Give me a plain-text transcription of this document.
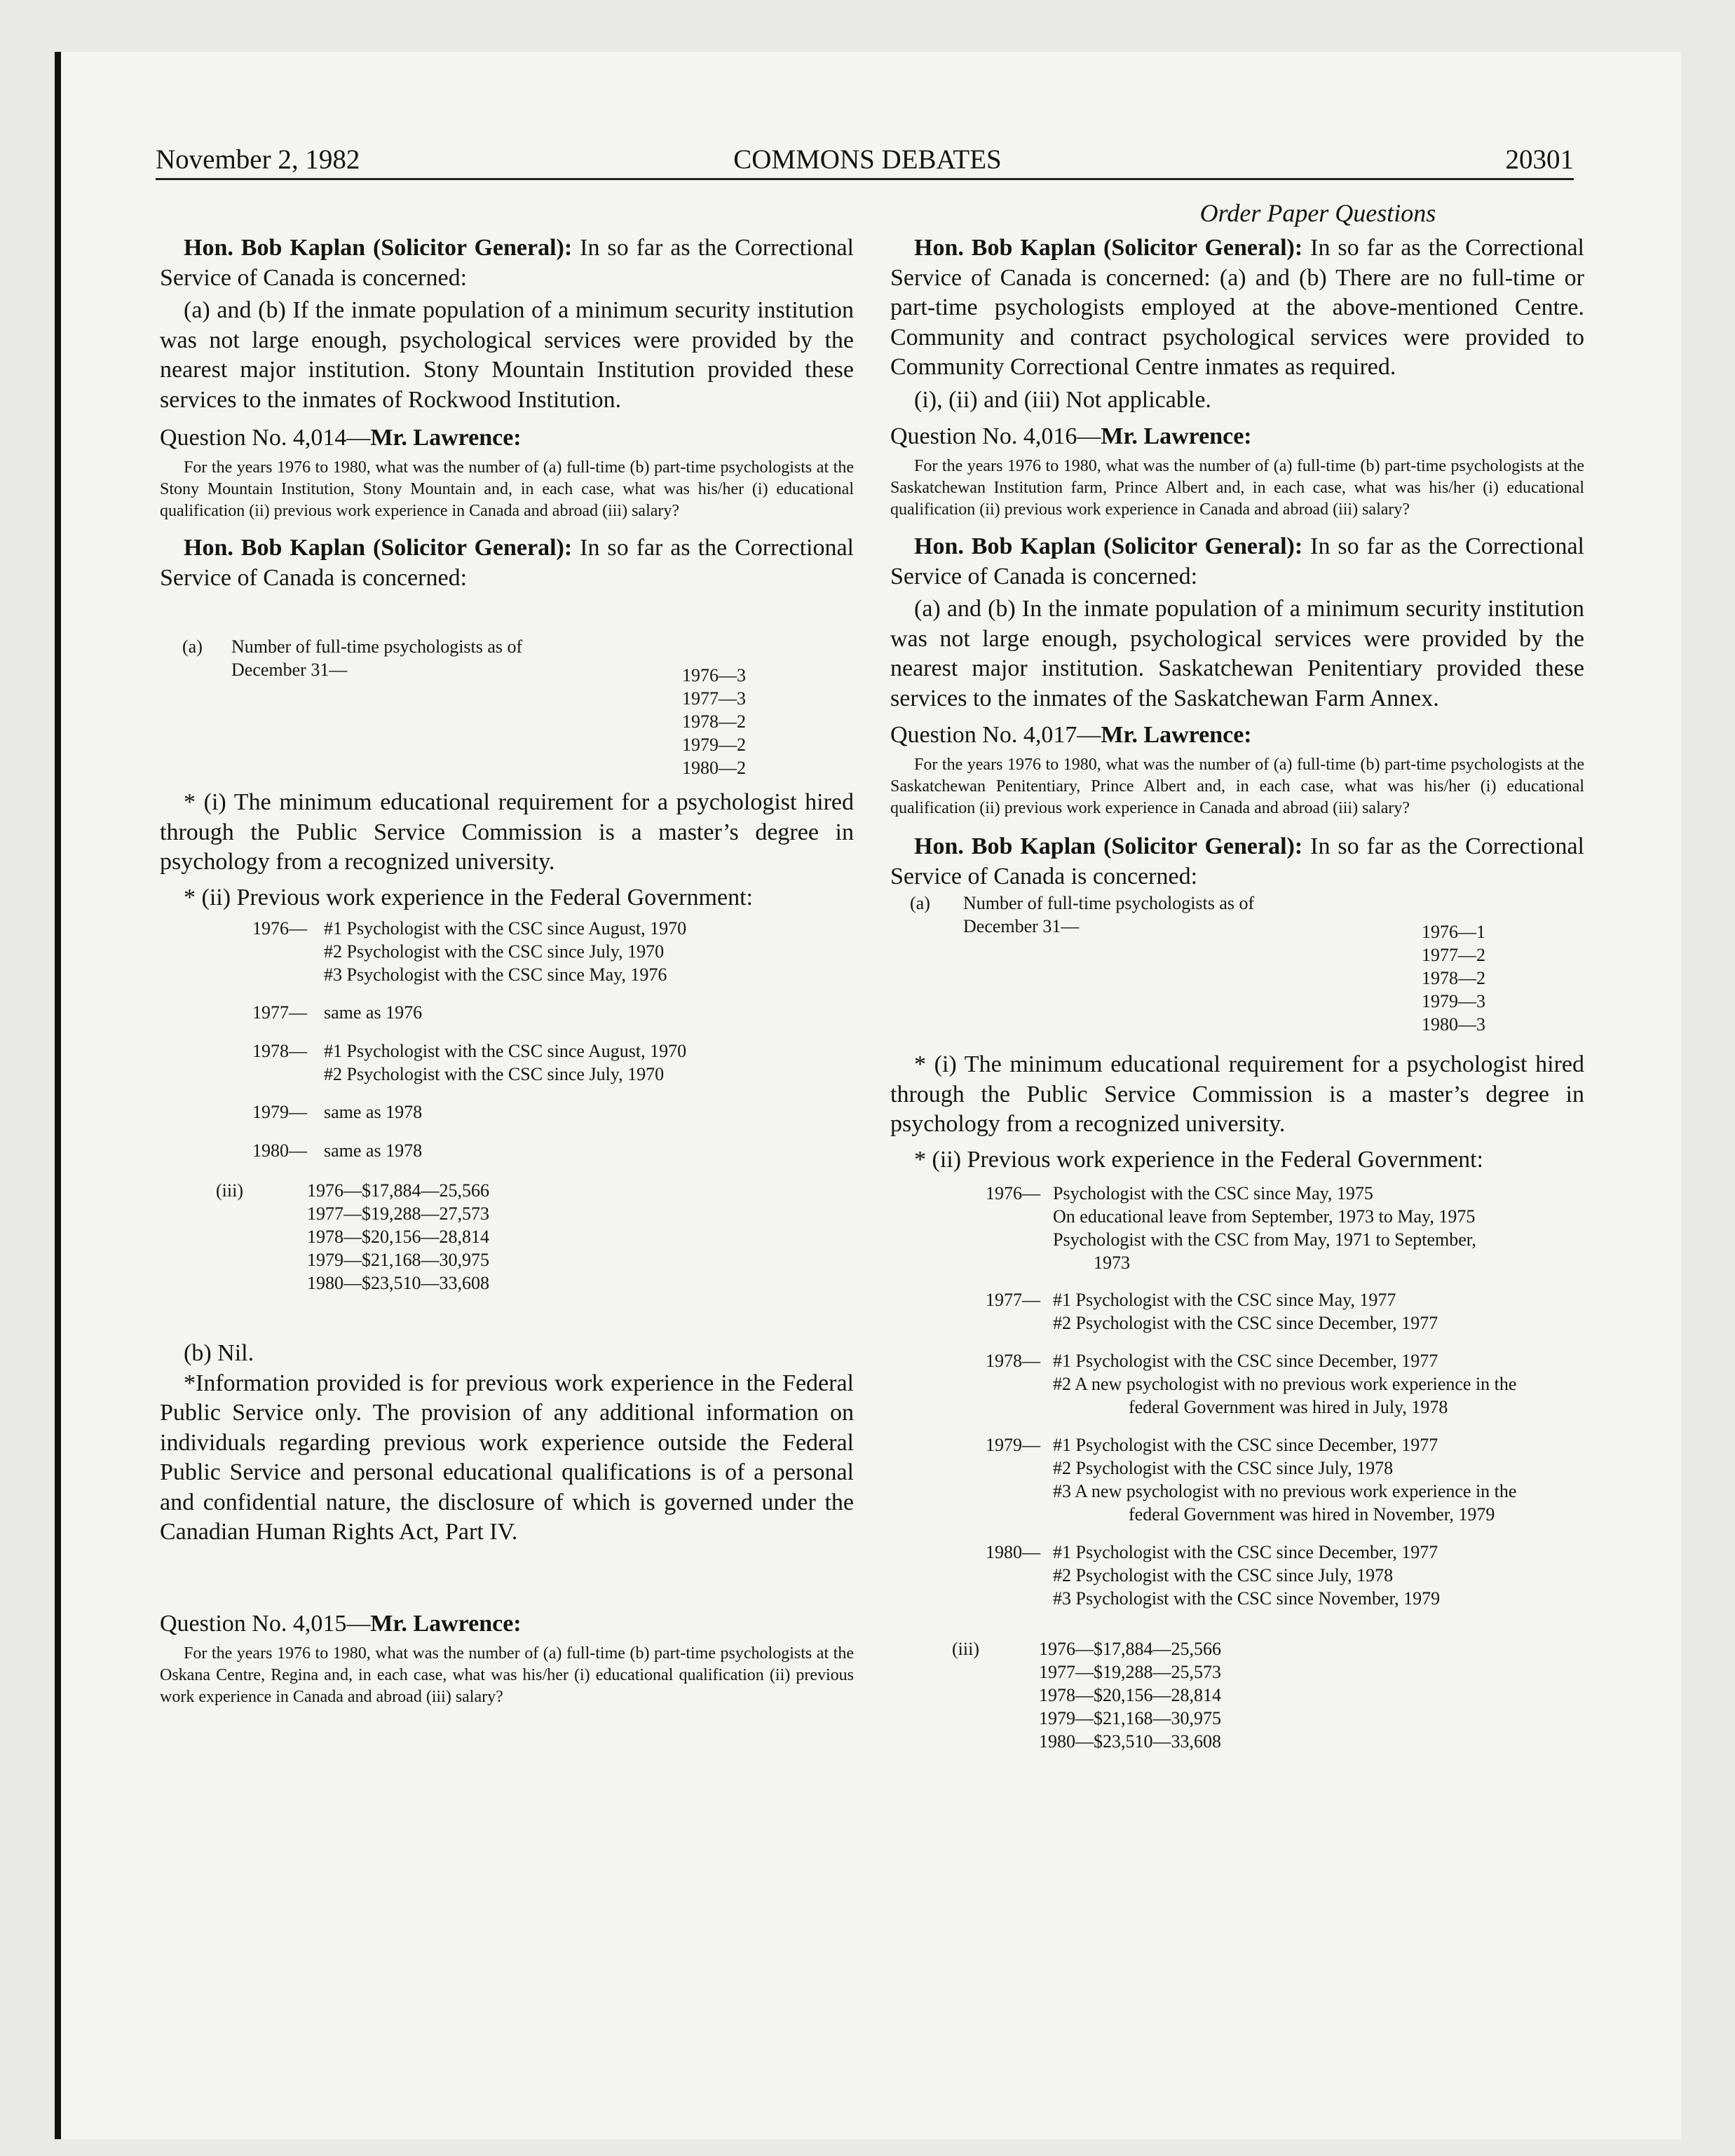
November 2, 1982	COMMONS DEBATES	20301
Order Paper Questions

Hon. Bob Kaplan (Solicitor General): In so far as the Correctional Service of Canada is concerned:

(a) and (b) If the inmate population of a minimum security institution was not large enough, psychological services were provided by the nearest major institution. Stony Mountain Institution provided these services to the inmates of Rockwood Institution.

Question No. 4,014—Mr. Lawrence:

For the years 1976 to 1980, what was the number of (a) full-time (b) part-time psychologists at the Stony Mountain Institution, Stony Mountain and, in each case, what was his/her (i) educational qualification (ii) previous work experience in Canada and abroad (iii) salary?

Hon. Bob Kaplan (Solicitor General): In so far as the Correctional Service of Canada is concerned:

(a) Number of full-time psychologists as of
December 31—	1976—3
1977—3
1978—2
1979—2
1980—2

* (i) The minimum educational requirement for a psychologist hired through the Public Service Commission is a master’s degree in psychology from a recognized university.

* (ii) Previous work experience in the Federal Government:

1976— #1 Psychologist with the CSC since August, 1970
#2 Psychologist with the CSC since July, 1970
#3 Psychologist with the CSC since May, 1976
1977— same as 1976
1978— #1 Psychologist with the CSC since August, 1970
#2 Psychologist with the CSC since July, 1970
1979— same as 1978
1980— same as 1978
(iii)	1976—$17,884—25,566
1977—$19,288—27,573
1978—$20,156—28,814
1979—$21,168—30,975
1980—$23,510—33,608

(b) Nil.

*Information provided is for previous work experience in the Federal Public Service only. The provision of any additional information on individuals regarding previous work experience outside the Federal Public Service and personal educational qualifications is of a personal and confidential nature, the disclosure of which is governed under the Canadian Human Rights Act, Part IV.

Question No. 4,015—Mr. Lawrence:

For the years 1976 to 1980, what was the number of (a) full-time (b) part-time psychologists at the Oskana Centre, Regina and, in each case, what was his/her (i) educational qualification (ii) previous work experience in Canada and abroad (iii) salary?

Hon. Bob Kaplan (Solicitor General): In so far as the Correctional Service of Canada is concerned: (a) and (b) There are no full-time or part-time psychologists employed at the above-mentioned Centre. Community and contract psychological services were provided to Community Correctional Centre inmates as required.

(i), (ii) and (iii) Not applicable.

Question No. 4,016—Mr. Lawrence:

For the years 1976 to 1980, what was the number of (a) full-time (b) part-time psychologists at the Saskatchewan Institution farm, Prince Albert and, in each case, what was his/her (i) educational qualification (ii) previous work experience in Canada and abroad (iii) salary?

Hon. Bob Kaplan (Solicitor General): In so far as the Correctional Service of Canada is concerned:

(a) and (b) In the inmate population of a minimum security institution was not large enough, psychological services were provided by the nearest major institution. Saskatchewan Penitentiary provided these services to the inmates of the Saskatchewan Farm Annex.

Question No. 4,017—Mr. Lawrence:

For the years 1976 to 1980, what was the number of (a) full-time (b) part-time psychologists at the Saskatchewan Penitentiary, Prince Albert and, in each case, what was his/her (i) educational qualification (ii) previous work experience in Canada and abroad (iii) salary?

Hon. Bob Kaplan (Solicitor General): In so far as the Correctional Service of Canada is concerned:

(a) Number of full-time psychologists as of
December 31—	1976—1
1977—2
1978—2
1979—3
1980—3

* (i) The minimum educational requirement for a psychologist hired through the Public Service Commission is a master’s degree in psychology from a recognized university.

* (ii) Previous work experience in the Federal Government:

1976— Psychologist with the CSC since May, 1975
On educational leave from September, 1973 to May, 1975
Psychologist with the CSC from May, 1971 to September,
1973
1977— #1 Psychologist with the CSC since May, 1977
#2 Psychologist with the CSC since December, 1977
1978— #1 Psychologist with the CSC since December, 1977
#2 A new psychologist with no previous work experience in the
federal Government was hired in July, 1978
1979— #1 Psychologist with the CSC since December, 1977
#2 Psychologist with the CSC since July, 1978
#3 A new psychologist with no previous work experience in the
federal Government was hired in November, 1979
1980— #1 Psychologist with the CSC since December, 1977
#2 Psychologist with the CSC since July, 1978
#3 Psychologist with the CSC since November, 1979
(iii)	1976—$17,884—25,566
1977—$19,288—25,573
1978—$20,156—28,814
1979—$21,168—30,975
1980—$23,510—33,608
